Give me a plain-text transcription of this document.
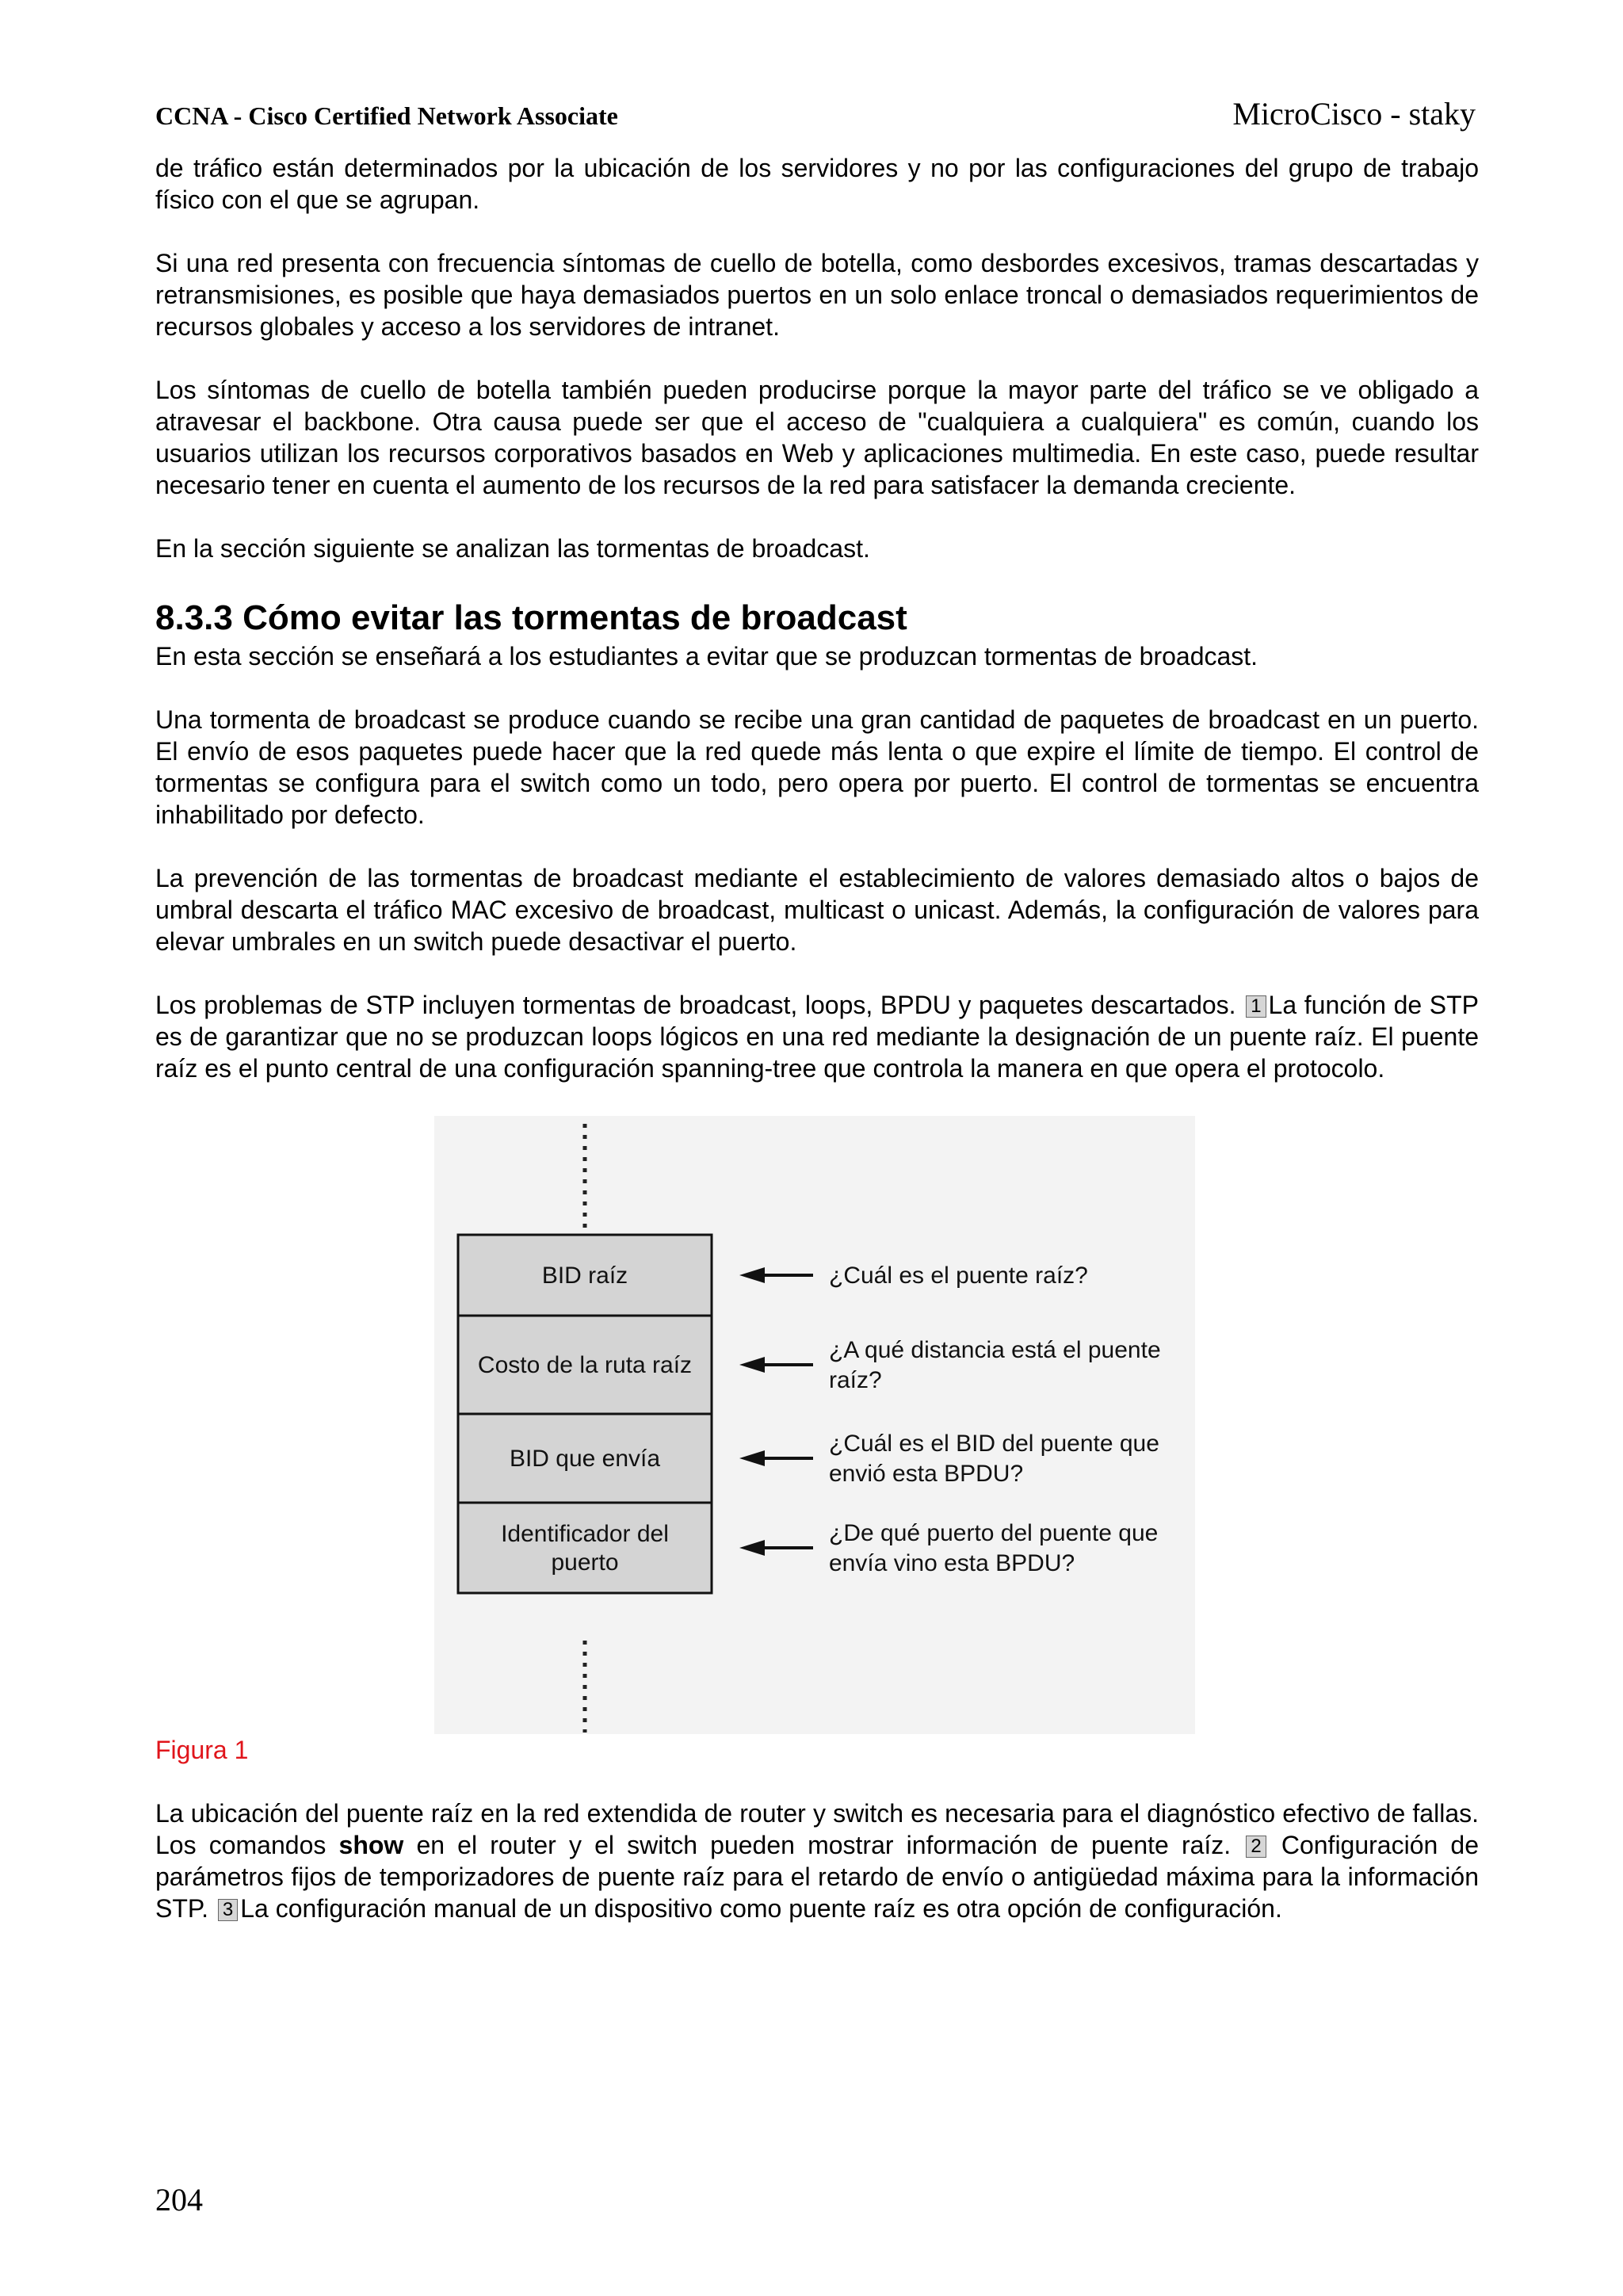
CCNA - Cisco Certified Network Associate	MicroCisco - staky

de tráfico están determinados por la ubicación de los servidores y no por las configuraciones del grupo de trabajo físico con el que se agrupan.

Si una red presenta con frecuencia síntomas de cuello de botella, como desbordes excesivos, tramas descartadas y retransmisiones, es posible que haya demasiados puertos en un solo enlace troncal o demasiados requerimientos de recursos globales y acceso a los servidores de intranet.

Los síntomas de cuello de botella también pueden producirse porque la mayor parte del tráfico se ve obligado a atravesar el backbone. Otra causa puede ser que el acceso de "cualquiera a cualquiera" es común, cuando los usuarios utilizan los recursos corporativos basados en Web y aplicaciones multimedia. En este caso, puede resultar necesario tener en cuenta el aumento de los recursos de la red para satisfacer la demanda creciente.

En la sección siguiente se analizan las tormentas de broadcast.

8.3.3 Cómo evitar las tormentas de broadcast

En esta sección se enseñará a los estudiantes a evitar que se produzcan tormentas de broadcast.

Una tormenta de broadcast se produce cuando se recibe una gran cantidad de paquetes de broadcast en un puerto. El envío de esos paquetes puede hacer que la red quede más lenta o que expire el límite de tiempo. El control de tormentas se configura para el switch como un todo, pero opera por puerto. El control de tormentas se encuentra inhabilitado por defecto.

La prevención de las tormentas de broadcast mediante el establecimiento de valores demasiado altos o bajos de umbral descarta el tráfico MAC excesivo de broadcast, multicast o unicast. Además, la configuración de valores para elevar umbrales en un switch puede desactivar el puerto.

Los problemas de STP incluyen tormentas de broadcast, loops, BPDU y paquetes descartados. 1 La función de STP es de garantizar que no se produzcan loops lógicos en una red mediante la designación de un puente raíz. El puente raíz es el punto central de una configuración spanning-tree que controla la manera en que opera el protocolo.

BID raíz	¿Cuál es el puente raíz?
Costo de la ruta raíz
¿A qué distancia está el puente
raíz?
BID que envía
¿Cuál es el BID del puente que
envió esta BPDU?
Identificador del
puerto
¿De qué puerto del puente que
envía vino esta BPDU?

Figura 1

La ubicación del puente raíz en la red extendida de router y switch es necesaria para el diagnóstico efectivo de fallas. Los comandos show en el router y el switch pueden mostrar información de puente raíz. 2 Configuración de parámetros fijos de temporizadores de puente raíz para el retardo de envío o antigüedad máxima para la información STP. 3 La configuración manual de un dispositivo como puente raíz es otra opción de configuración.

204
